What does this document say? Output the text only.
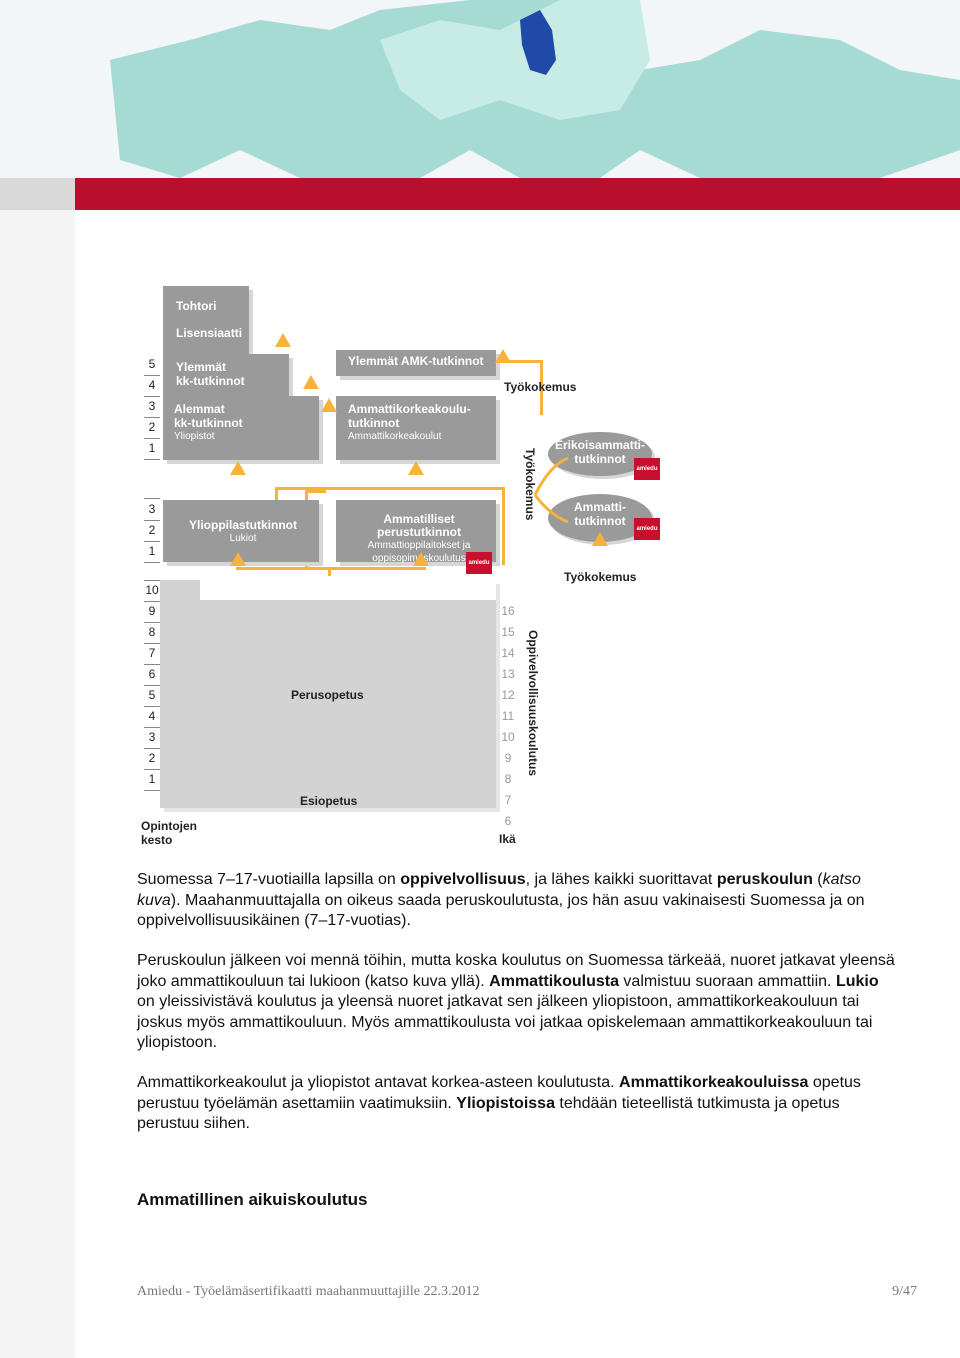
5
4
3
2
1
3
2
1
10
9
8
7
6
5
4
3
2
1
Opintojen
kesto
Tohtori
Lisensiaatti
Ylemmät
kk-tutkinnot
Alemmat
kk-tutkinnot
Yliopistot
Ylemmät AMK-tutkinnot
Ammattikorkeakoulu-
tutkinnot
Ammattikorkeakoulut
Työkokemus
Ylioppilastutkinnot
Lukiot
Ammatilliset perustutkinnot
Ammattioppilaitokset ja
oppisopimuskoulutus amiedu
Työkokemus
Erikoisammatti-
tutkinnot
amiedu
Ammatti-
tutkinnot
amiedu
Työkokemus
Perusopetus
Esiopetus
16
15
14
13
12
11
10
9
8
7
6
Ikä
Oppivelvollisuuskoulutus
Suomessa 7–17-vuotiailla lapsilla on oppivelvollisuus, ja lähes kaikki suorittavat peruskoulun (katso kuva). Maahanmuuttajalla on oikeus saada peruskoulutusta, jos hän asuu vakinaisesti Suomessa ja on oppivelvollisuusikäinen (7–17-vuotias).
Peruskoulun jälkeen voi mennä töihin, mutta koska koulutus on Suomessa tärkeää, nuoret jatkavat yleensä joko ammattikouluun tai lukioon (katso kuva yllä). Ammattikoulusta valmistuu suoraan ammattiin. Lukio on yleissivistävä koulutus ja yleensä nuoret jatkavat sen jälkeen yliopistoon, ammattikorkeakouluun tai joskus myös ammattikouluun. Myös ammattikoulusta voi jatkaa opiskelemaan ammattikorkeakouluun tai yliopistoon.
Ammattikorkeakoulut ja yliopistot antavat korkea-asteen koulutusta. Ammattikorkeakouluissa opetus perustuu työelämän asettamiin vaatimuksiin. Yliopistoissa tehdään tieteellistä tutkimusta ja opetus perustuu siihen.
Ammatillinen aikuiskoulutus
Amiedu - Työelämäsertifikaatti maahanmuuttajille 22.3.2012	9/47
